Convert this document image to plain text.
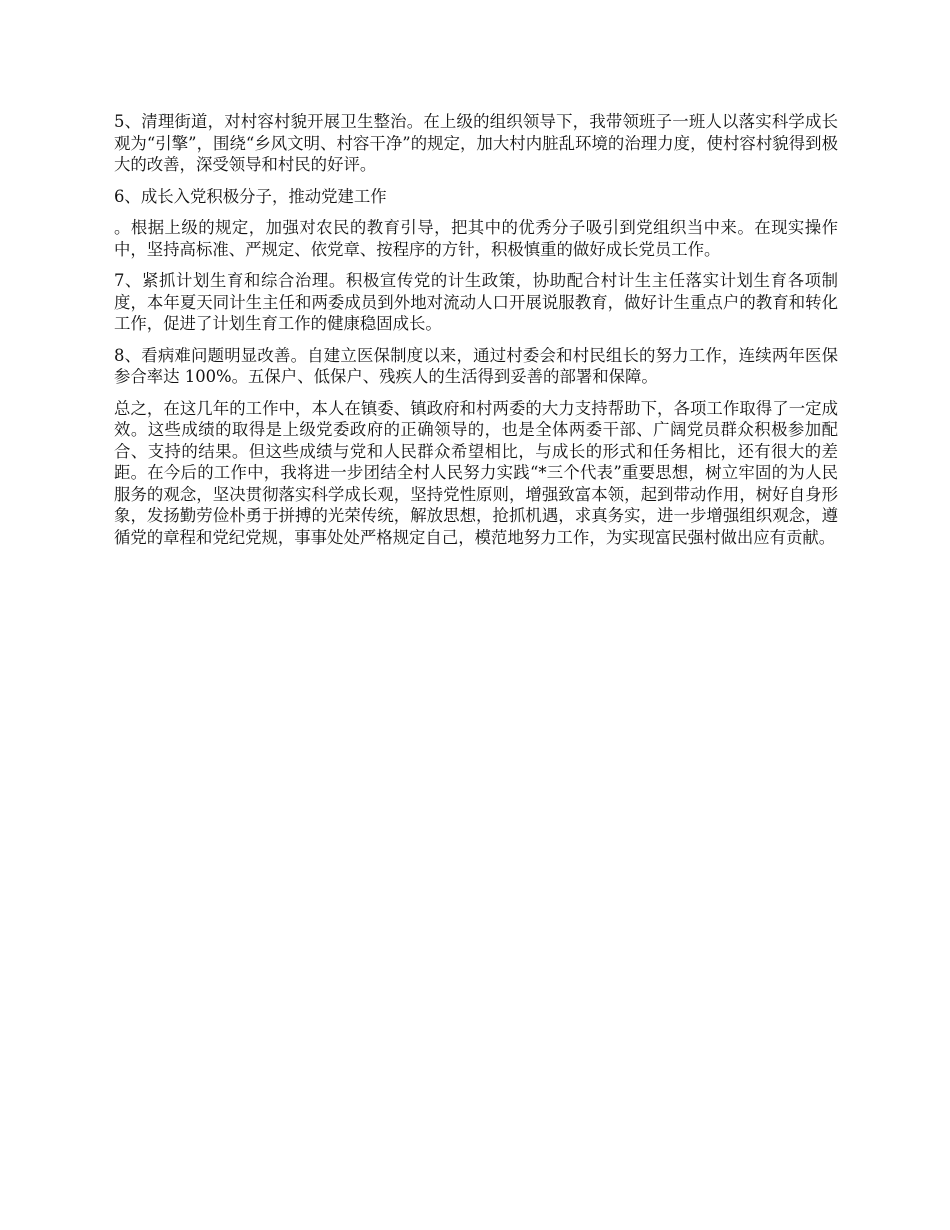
5、清理街道，对村容村貌开展卫生整治。在上级的组织领导下，我带领班子一班人以落实科学成长观为“引擎”，围绕“乡风文明、村容干净”的规定，加大村内脏乱环境的治理力度，使村容村貌得到极大的改善，深受领导和村民的好评。

6、成长入党积极分子，推动党建工作

。根据上级的规定，加强对农民的教育引导，把其中的优秀分子吸引到党组织当中来。在现实操作中，坚持高标准、严规定、依党章、按程序的方针，积极慎重的做好成长党员工作。

7、紧抓计划生育和综合治理。积极宣传党的计生政策，协助配合村计生主任落实计划生育各项制度，本年夏天同计生主任和两委成员到外地对流动人口开展说服教育，做好计生重点户的教育和转化工作，促进了计划生育工作的健康稳固成长。

8、看病难问题明显改善。自建立医保制度以来，通过村委会和村民组长的努力工作，连续两年医保参合率达 100%。五保户、低保户、残疾人的生活得到妥善的部署和保障。

总之，在这几年的工作中，本人在镇委、镇政府和村两委的大力支持帮助下，各项工作取得了一定成效。这些成绩的取得是上级党委政府的正确领导的，也是全体两委干部、广阔党员群众积极参加配合、支持的结果。但这些成绩与党和人民群众希望相比，与成长的形式和任务相比，还有很大的差距。在今后的工作中，我将进一步团结全村人民努力实践“*三个代表”重要思想，树立牢固的为人民服务的观念，坚决贯彻落实科学成长观，坚持党性原则，增强致富本领，起到带动作用，树好自身形象，发扬勤劳俭朴勇于拼搏的光荣传统，解放思想，抢抓机遇，求真务实，进一步增强组织观念，遵循党的章程和党纪党规，事事处处严格规定自己，模范地努力工作，为实现富民强村做出应有贡献。
